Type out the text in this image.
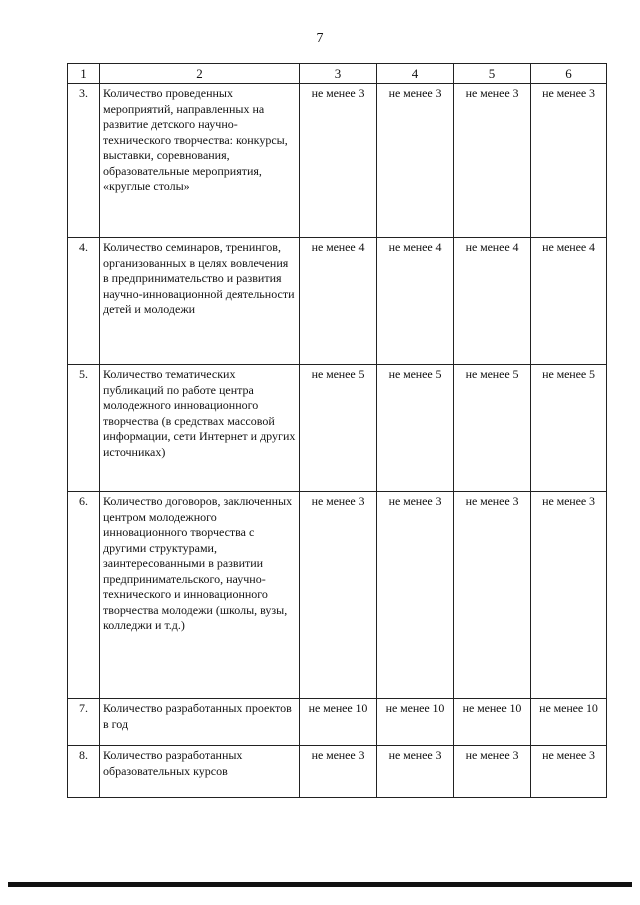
7
1	2	3	4	5	6
3.	Количество проведенных мероприятий, направленных на развитие детского научно-технического творчества: конкурсы, выставки, соревнования, образовательные мероприятия, «круглые столы»	не менее 3	не менее 3	не менее 3	не менее 3
4.	Количество семинаров, тренингов, организованных в целях вовлечения в предпринимательство и развития научно-инновационной деятельности детей и молодежи	не менее 4	не менее 4	не менее 4	не менее 4
5.	Количество тематических публикаций по работе центра молодежного инновационного творчества (в средствах массовой информации, сети Интернет и других источниках)	не менее 5	не менее 5	не менее 5	не менее 5
6.	Количество договоров, заключенных центром молодежного инновационного творчества с другими структурами, заинтересованными в развитии предпринимательского, научно-технического и инновационного творчества молодежи (школы, вузы, колледжи и т.д.)	не менее 3	не менее 3	не менее 3	не менее 3
7.	Количество разработанных проектов в год	не менее 10	не менее 10	не менее 10	не менее 10
8.	Количество разработанных образовательных курсов	не менее 3	не менее 3	не менее 3	не менее 3
